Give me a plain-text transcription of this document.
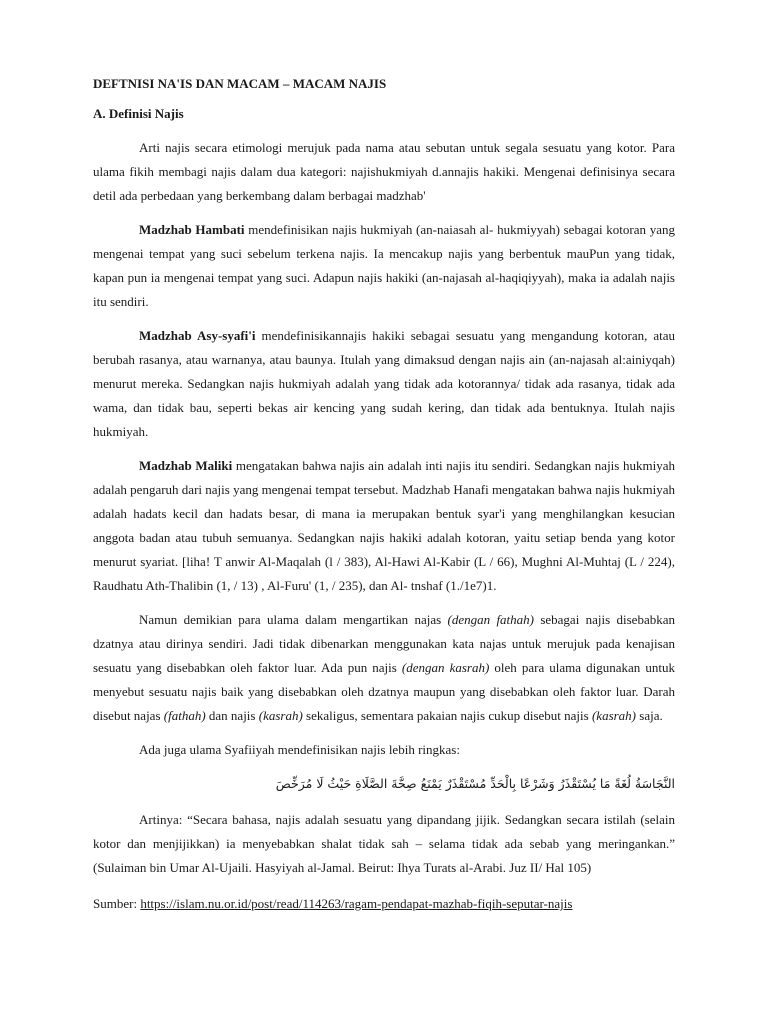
DEFTNISI NA'IS DAN MACAM – MACAM NAJIS
A. Definisi Najis

Arti najis secara etimologi merujuk pada nama atau sebutan untuk segala sesuatu yang kotor. Para ulama fikih membagi najis dalam dua kategori: najishukmiyah d.annajis hakiki. Mengenai definisinya secara detil ada perbedaan yang berkembang dalam berbagai madzhab'

Madzhab Hambati mendefinisikan najis hukmiyah (an-naiasah al- hukmiyyah) sebagai kotoran yang mengenai tempat yang suci sebelum terkena najis. Ia mencakup najis yang berbentuk mauPun yang tidak, kapan pun ia mengenai tempat yang suci. Adapun najis hakiki (an-najasah al-haqiqiyyah), maka ia adalah najis itu sendiri.

Madzhab Asy-syafi'i mendefinisikannajis hakiki sebagai sesuatu yang mengandung kotoran, atau berubah rasanya, atau warnanya, atau baunya. Itulah yang dimaksud dengan najis ain (an-najasah al:ainiyqah) menurut mereka. Sedangkan najis hukmiyah adalah yang tidak ada kotorannya/ tidak ada rasanya, tidak ada wama, dan tidak bau, seperti bekas air kencing yang sudah kering, dan tidak ada bentuknya. Itulah najis hukmiyah.

Madzhab Maliki mengatakan bahwa najis ain adalah inti najis itu sendiri. Sedangkan najis hukmiyah adalah pengaruh dari najis yang mengenai tempat tersebut. Madzhab Hanafi mengatakan bahwa najis hukmiyah adalah hadats kecil dan hadats besar, di mana ia merupakan bentuk syar'i yang menghilangkan kesucian anggota badan atau tubuh semuanya. Sedangkan najis hakiki adalah kotoran, yaitu setiap benda yang kotor menurut syariat. [liha! T anwir Al-Maqalah (l / 383), Al-Hawi Al-Kabir (L / 66), Mughni Al-Muhtaj (L / 224), Raudhatu Ath-Thalibin (1, / 13) , Al-Furu' (1, / 235), dan Al- tnshaf (1./1e7)1.

Namun demikian para ulama dalam mengartikan najas (dengan fathah) sebagai najis disebabkan dzatnya atau dirinya sendiri. Jadi tidak dibenarkan menggunakan kata najas untuk merujuk pada kenajisan sesuatu yang disebabkan oleh faktor luar. Ada pun najis (dengan kasrah) oleh para ulama digunakan untuk menyebut sesuatu najis baik yang disebabkan oleh dzatnya maupun yang disebabkan oleh faktor luar. Darah disebut najas (fathah) dan najis (kasrah) sekaligus, sementara pakaian najis cukup disebut najis (kasrah) saja.

Ada juga ulama Syafiiyah mendefinisikan najis lebih ringkas:

النَّجَاسَةُ لُغَةً مَا يُسْتَقْذَرُ وَشَرْعًا بِالْحَدِّ مُسْتَقْذَرٌ يَمْنَعُ صِحَّةَ الصَّلَاةِ حَيْثُ لَا مُرَخِّصَ

Artinya: “Secara bahasa, najis adalah sesuatu yang dipandang jijik. Sedangkan secara istilah (selain kotor dan menjijikkan) ia menyebabkan shalat tidak sah – selama tidak ada sebab yang meringankan.” (Sulaiman bin Umar Al-Ujaili. Hasyiyah al-Jamal. Beirut: Ihya Turats al-Arabi. Juz II/ Hal 105)

Sumber: https://islam.nu.or.id/post/read/114263/ragam-pendapat-mazhab-fiqih-seputar-najis
